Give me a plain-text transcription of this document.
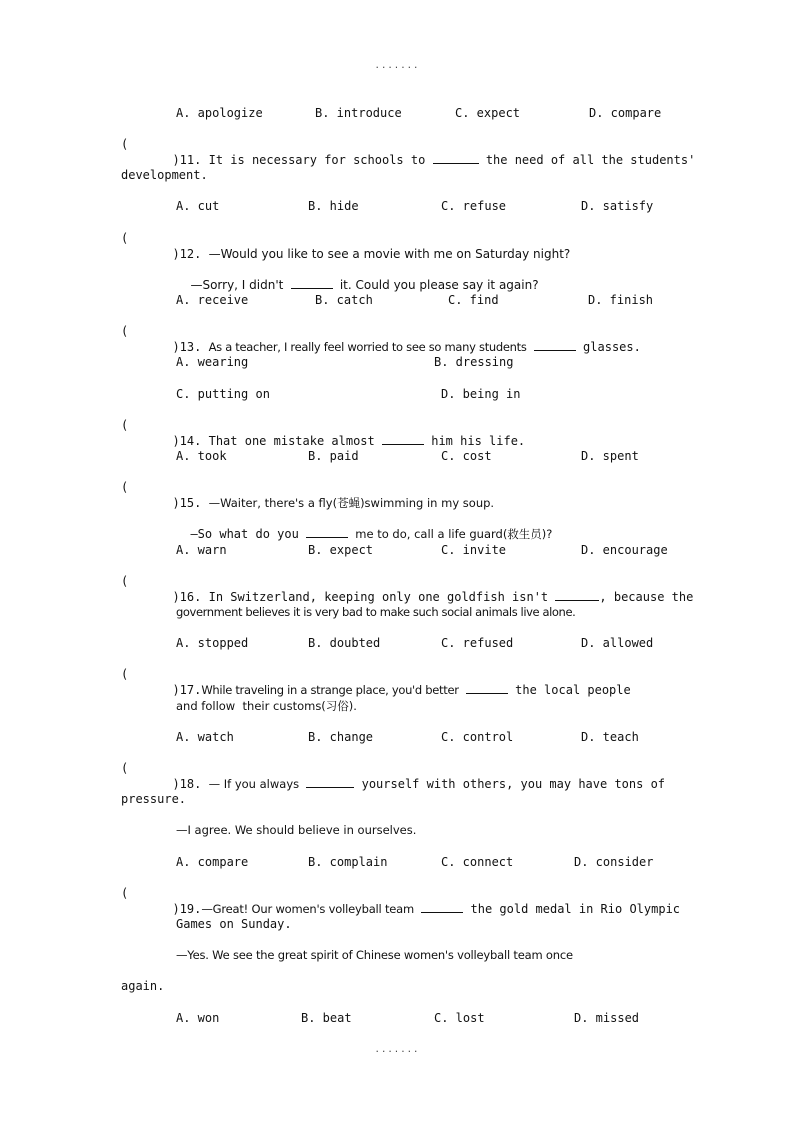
.......
A. apologize	B. introduce	C. expect	D. compare
(

)11. It is necessary for schools to	the need of all the students'

development.
A. cut	B. hide	C. refuse	D. satisfy
(

)12. —Would you like to see a movie with me on Saturday night?

—Sorry, I didn't	it. Could you please say it again?

A. receive	B. catch	C. find	D. finish
(

)13. As a teacher, I really feel worried to see so many students	glasses.

A. wearing	B. dressing
C. putting on	D. being in
(

)14. That one mistake almost	him his life.

A. took	B. paid	C. cost	D. spent
(

)15. —Waiter, there's a fly(苍蝇)swimming in my soup.

—So what do you	me to do, call a life guard(救生员)?

A. warn	B. expect	C. invite	D. encourage
(

)16. In Switzerland, keeping only one goldfish isn't	, because the

government believes it is very bad to make such social animals live alone.
A. stopped	B. doubted	C. refused	D. allowed
(

)17.While traveling in a strange place, you'd better	the local people

and follow  their customs(习俗).
A. watch	B. change	C. control	D. teach
(

)18. — If you always	yourself with others, you may have tons of

pressure.
—I agree. We should believe in ourselves.
A. compare	B. complain	C. connect	D. consider
(

)19.—Great! Our women's volleyball team	the gold medal in Rio Olympic

Games on Sunday.
—Yes. We see the great spirit of Chinese women's volleyball team once
again.
A. won	B. beat	C. lost	D. missed
.......
